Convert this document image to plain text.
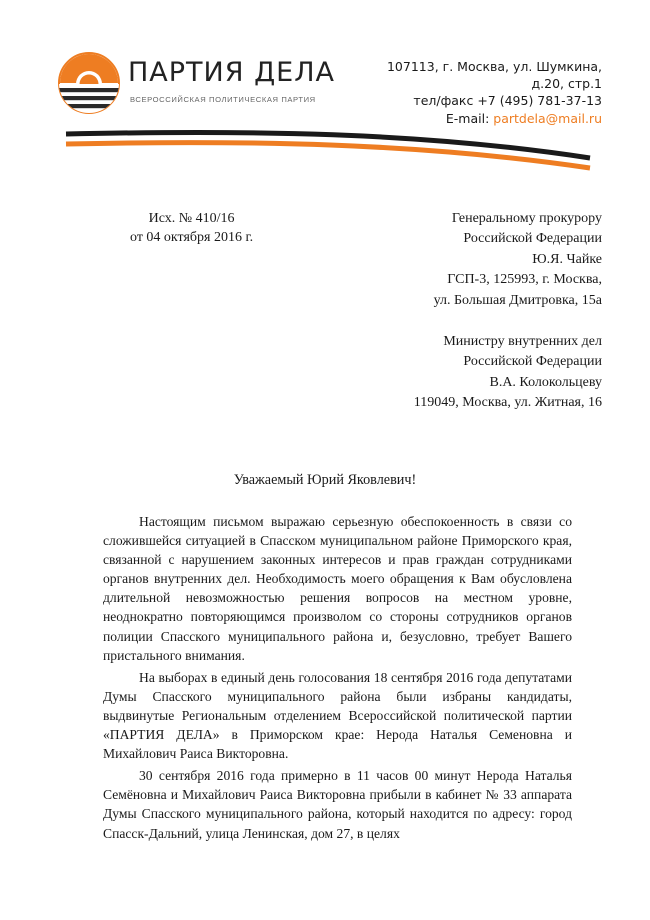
ПАРТИЯ ДЕЛА
ВСЕРОССИЙСКАЯ ПОЛИТИЧЕСКАЯ ПАРТИЯ
107113, г. Москва, ул. Шумкина,
д.20, стр.1
тел/факс +7 (495) 781-37-13
E-mail: partdela@mail.ru
Исх. № 410/16
от 04 октября 2016 г.
Генеральному прокурору
Российской Федерации
Ю.Я. Чайке
ГСП-3, 125993, г. Москва,
ул. Большая Дмитровка, 15а
Министру внутренних дел
Российской Федерации
В.А. Колокольцеву
119049, Москва, ул. Житная, 16
Уважаемый Юрий Яковлевич!

Настоящим письмом выражаю серьезную обеспокоенность в связи со сложившейся ситуацией в Спасском муниципальном районе Приморского края, связанной с нарушением законных интересов и прав граждан сотрудниками органов внутренних дел. Необходимость моего обращения к Вам обусловлена длительной невозможностью решения вопросов на местном уровне, неоднократно повторяющимся произволом со стороны сотрудников органов полиции Спасского муниципального района и, безусловно, требует Вашего пристального внимания.

На выборах в единый день голосования 18 сентября 2016 года депутатами Думы Спасского муниципального района были избраны кандидаты, выдвинутые Региональным отделением Всероссийской политической партии «ПАРТИЯ ДЕЛА» в Приморском крае: Нерода Наталья Семеновна и Михайлович Раиса Викторовна.

30 сентября 2016 года примерно в 11 часов 00 минут Нерода Наталья Семёновна и Михайлович Раиса Викторовна прибыли в кабинет № 33 аппарата Думы Спасского муниципального района, который находится по адресу: город Спасск-Дальний, улица Ленинская, дом 27, в целях
